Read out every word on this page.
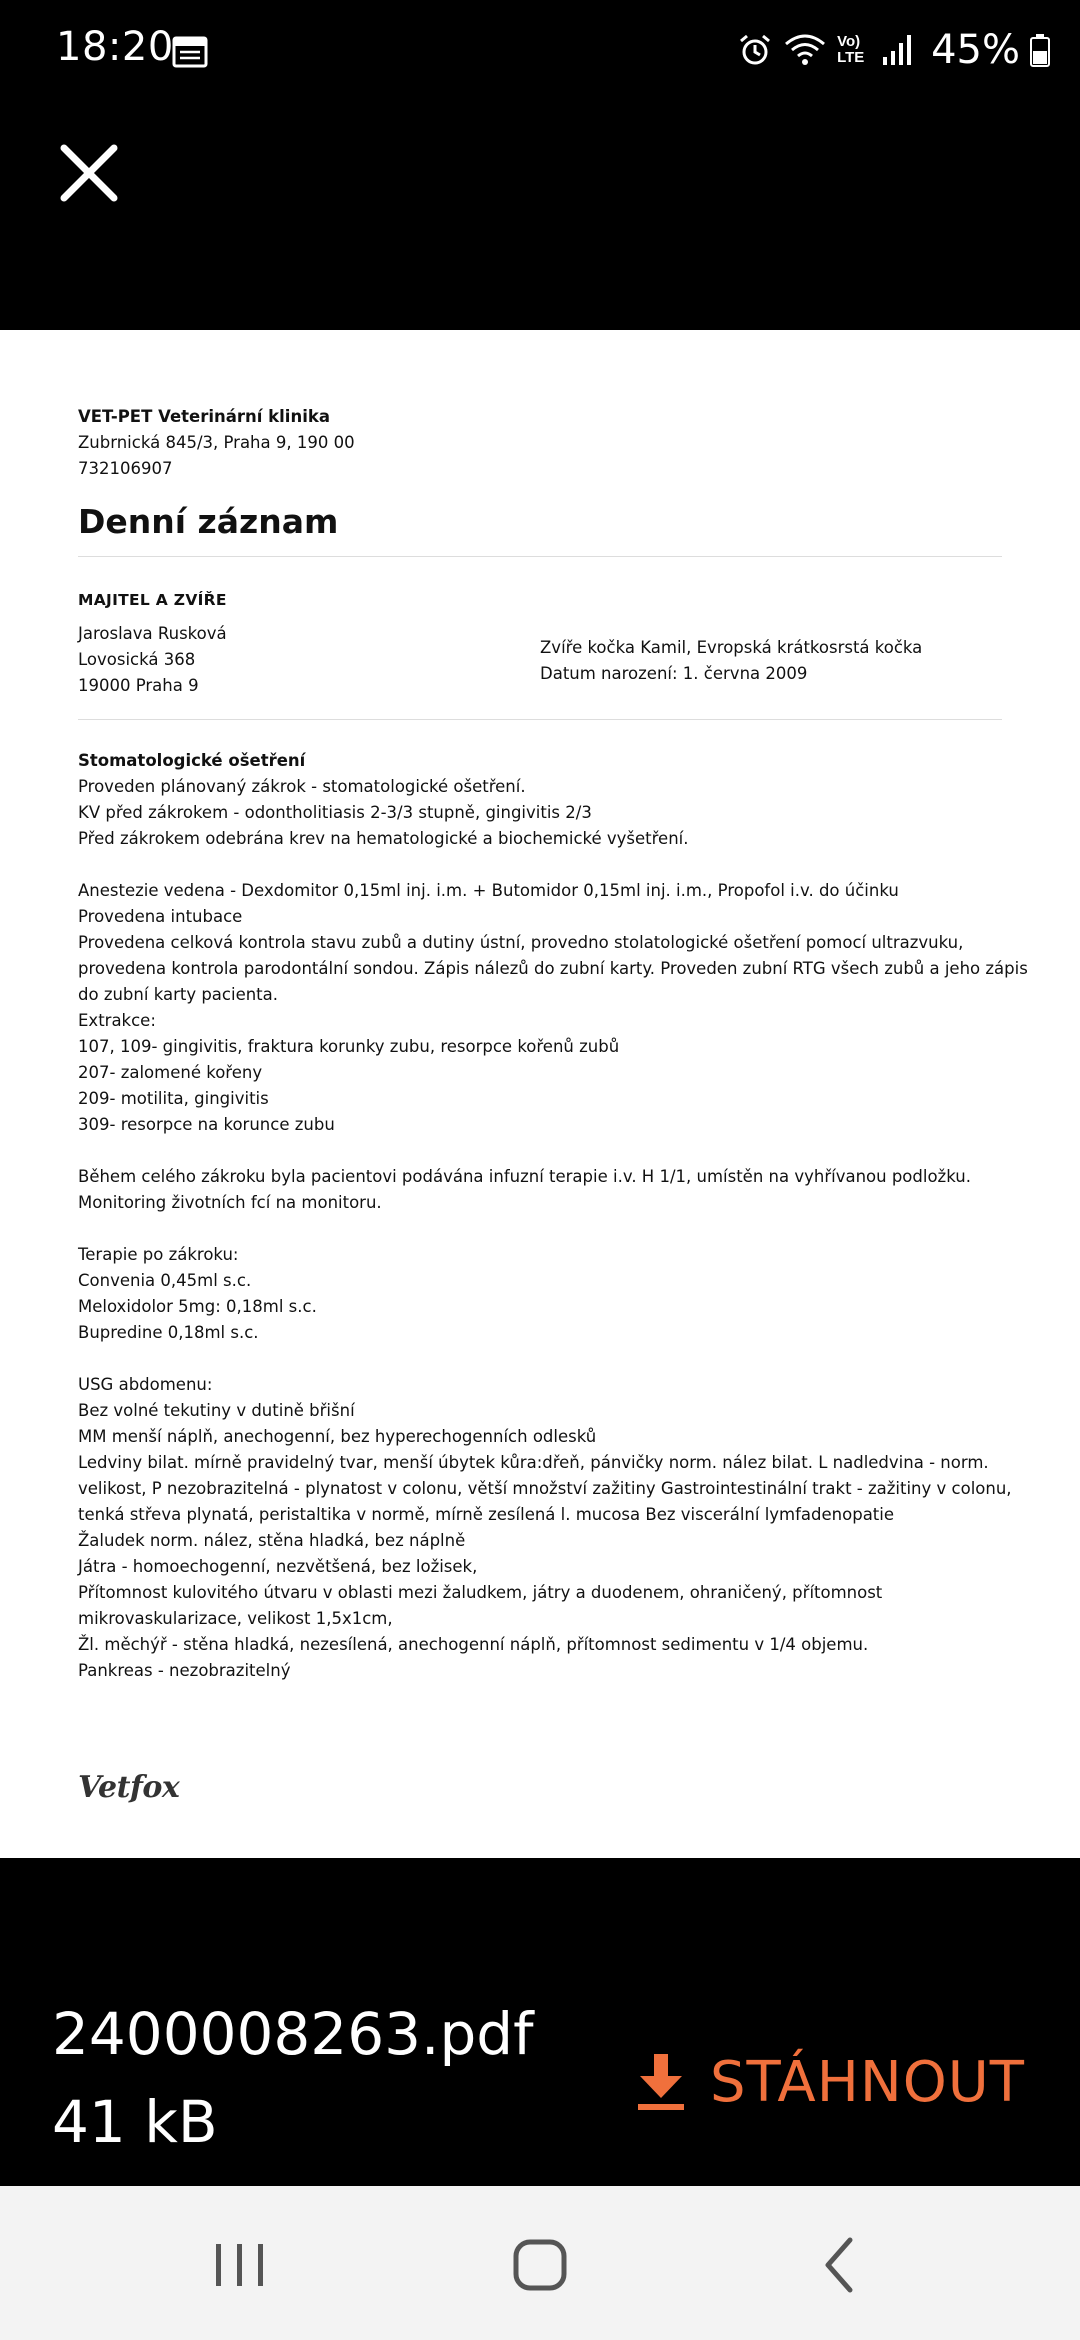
18:20	Vo) LTE 45%
VET-PET Veterinární klinika
Zubrnická 845/3, Praha 9, 190 00
732106907
Denní záznam
MAJITEL A ZVÍŘE
Jaroslava Rusková
Lovosická 368
19000 Praha 9
Zvíře kočka Kamil, Evropská krátkosrstá kočka
Datum narození: 1. června 2009
Stomatologické ošetření
Proveden plánovaný zákrok - stomatologické ošetření.
KV před zákrokem - odontholitiasis 2-3/3 stupně, gingivitis 2/3
Před zákrokem odebrána krev na hematologické a biochemické vyšetření.
Anestezie vedena - Dexdomitor 0,15ml inj. i.m. + Butomidor 0,15ml inj. i.m., Propofol i.v. do účinku
Provedena intubace
Provedena celková kontrola stavu zubů a dutiny ústní, provedno stolatologické ošetření pomocí ultrazvuku,
provedena kontrola parodontální sondou. Zápis nálezů do zubní karty. Proveden zubní RTG všech zubů a jeho zápis
do zubní karty pacienta.
Extrakce:
107, 109- gingivitis, fraktura korunky zubu, resorpce kořenů zubů
207- zalomené kořeny
209- motilita, gingivitis
309- resorpce na korunce zubu
Během celého zákroku byla pacientovi podávána infuzní terapie i.v. H 1/1, umístěn na vyhřívanou podložku.
Monitoring životních fcí na monitoru.
Terapie po zákroku:
Convenia 0,45ml s.c.
Meloxidolor 5mg: 0,18ml s.c.
Bupredine 0,18ml s.c.
USG abdomenu:
Bez volné tekutiny v dutině břišní
MM menší náplň, anechogenní, bez hyperechogenních odlesků
Ledviny bilat. mírně pravidelný tvar, menší úbytek kůra:dřeň, pánvičky norm. nález bilat. L nadledvina - norm.
velikost, P nezobrazitelná - plynatost v colonu, větší množství zažitiny Gastrointestinální trakt - zažitiny v colonu,
tenká střeva plynatá, peristaltika v normě, mírně zesílená l. mucosa Bez viscerální lymfadenopatie
Žaludek norm. nález, stěna hladká, bez náplně
Játra - homoechogenní, nezvětšená, bez ložisek,
Přítomnost kulovitého útvaru v oblasti mezi žaludkem, játry a duodenem, ohraničený, přítomnost
mikrovaskularizace, velikost 1,5x1cm,
Žl. měchýř - stěna hladká, nezesílená, anechogenní náplň, přítomnost sedimentu v 1/4 objemu.
Pankreas - nezobrazitelný
Vetfox
2400008263.pdf
41 kB
STÁHNOUT
